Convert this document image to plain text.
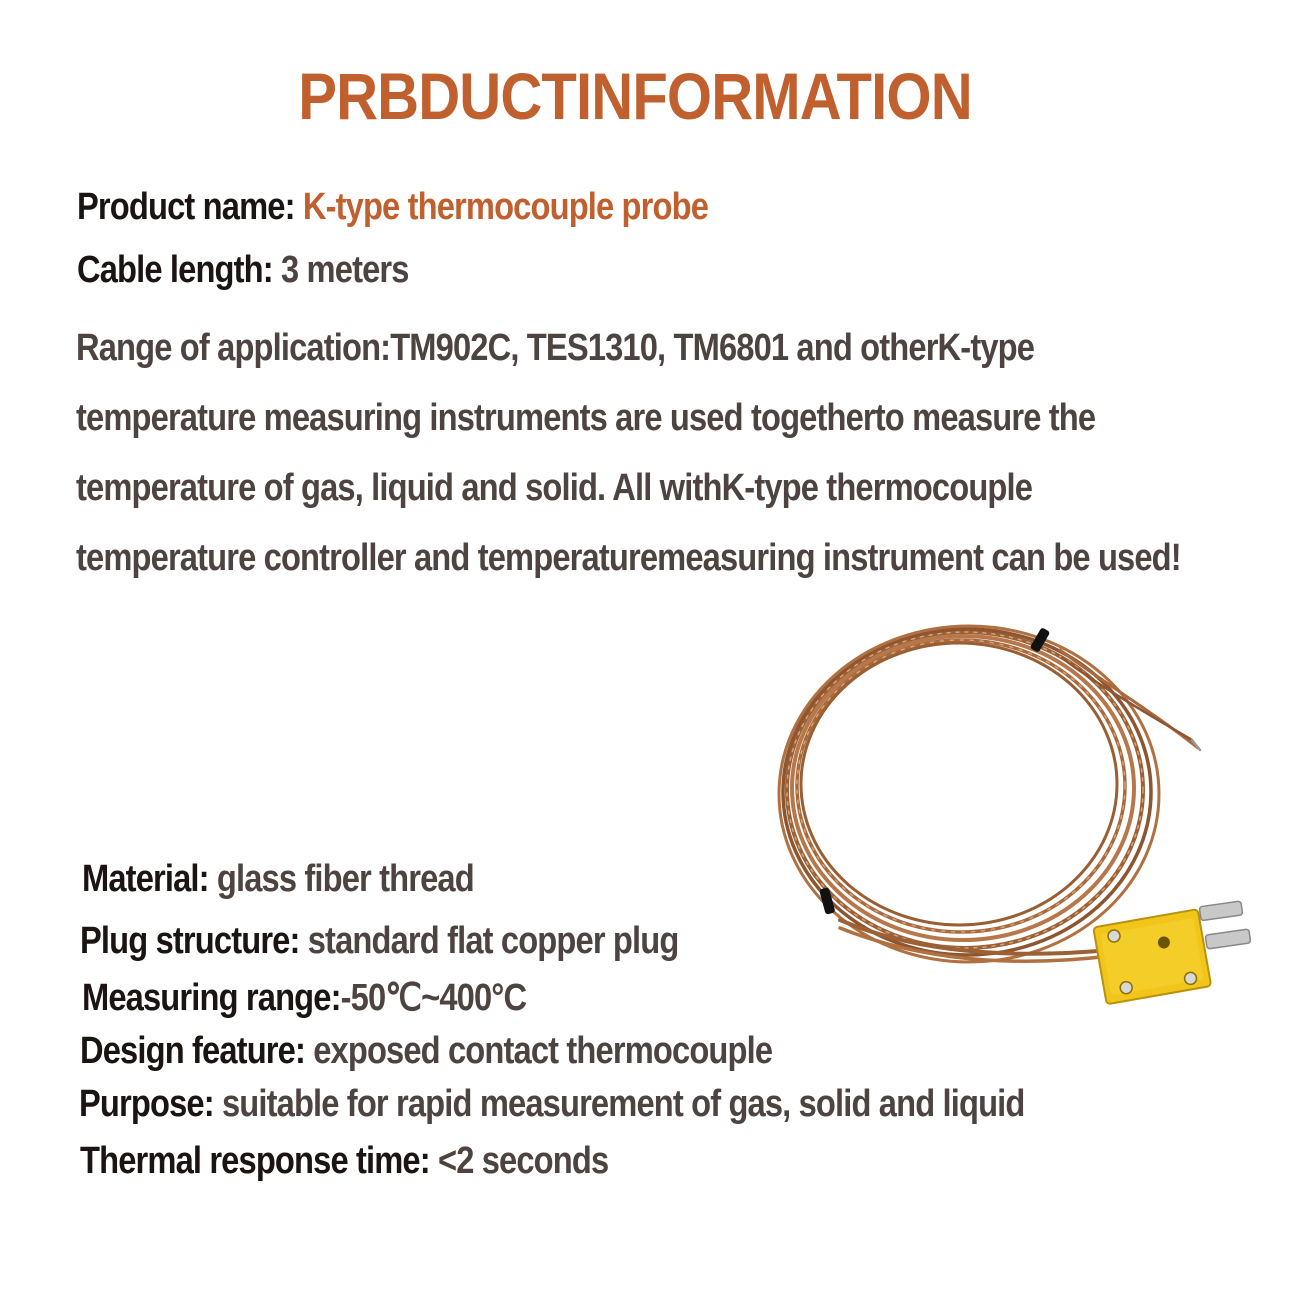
PRBDUCTINFORMATION
Product name: K-type thermocouple probe
Cable length: 3 meters
Range of application:TM902C, TES1310, TM6801 and otherK-type temperature measuring instruments are used togetherto measure the temperature of gas, liquid and solid. All withK-type thermocouple temperature controller and temperaturemeasuring instrument can be used!
Material: glass fiber thread
Plug structure: standard flat copper plug
Measuring range:-50℃~400°C
Design feature: exposed contact thermocouple
Purpose: suitable for rapid measurement of gas, solid and liquid
Thermal response time: <2 seconds
